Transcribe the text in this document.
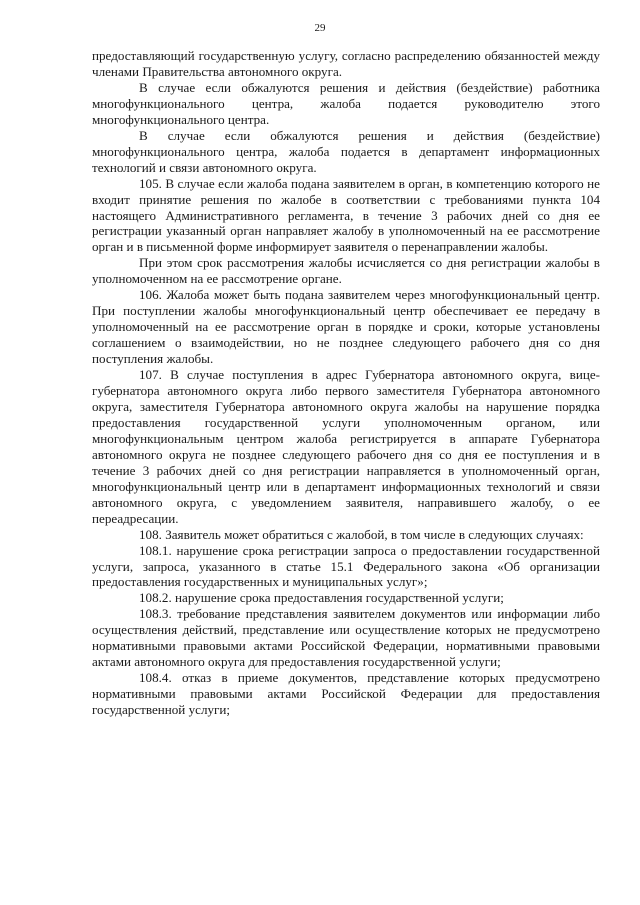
29

предоставляющий государственную услугу, согласно распределению обязанностей между членами Правительства автономного округа.

В случае если обжалуются решения и действия (бездействие) работника многофункционального центра, жалоба подается руководителю этого многофункционального центра.

В случае если обжалуются решения и действия (бездействие) многофункционального центра, жалоба подается в департамент информационных технологий и связи автономного округа.

105. В случае если жалоба подана заявителем в орган, в компетенцию которого не входит принятие решения по жалобе в соответствии с требованиями пункта 104 настоящего Административного регламента, в течение 3 рабочих дней со дня ее регистрации указанный орган направляет жалобу в уполномоченный на ее рассмотрение орган и в письменной форме информирует заявителя о перенаправлении жалобы.

При этом срок рассмотрения жалобы исчисляется со дня регистрации жалобы в уполномоченном на ее рассмотрение органе.

106. Жалоба может быть подана заявителем через многофункциональный центр. При поступлении жалобы многофункциональный центр обеспечивает ее передачу в уполномоченный на ее рассмотрение орган в порядке и сроки, которые установлены соглашением о взаимодействии, но не позднее следующего рабочего дня со дня поступления жалобы.

107. В случае поступления в адрес Губернатора автономного округа, вице-губернатора автономного округа либо первого заместителя Губернатора автономного округа, заместителя Губернатора автономного округа жалобы на нарушение порядка предоставления государственной услуги уполномоченным органом, или многофункциональным центром жалоба регистрируется в аппарате Губернатора автономного округа не позднее следующего рабочего дня со дня ее поступления и в течение 3 рабочих дней со дня регистрации направляется в уполномоченный орган, многофункциональный центр или в департамент информационных технологий и связи автономного округа, с уведомлением заявителя, направившего жалобу, о ее переадресации.

108. Заявитель может обратиться с жалобой, в том числе в следующих случаях:

108.1. нарушение срока регистрации запроса о предоставлении государственной услуги, запроса, указанного в статье 15.1 Федерального закона «Об организации предоставления государственных и муниципальных услуг»;

108.2. нарушение срока предоставления государственной услуги;

108.3. требование представления заявителем документов или информации либо осуществления действий, представление или осуществление которых не предусмотрено нормативными правовыми актами Российской Федерации, нормативными правовыми актами автономного округа для предоставления государственной услуги;

108.4. отказ в приеме документов, представление которых предусмотрено нормативными правовыми актами Российской Федерации для предоставления государственной услуги;
